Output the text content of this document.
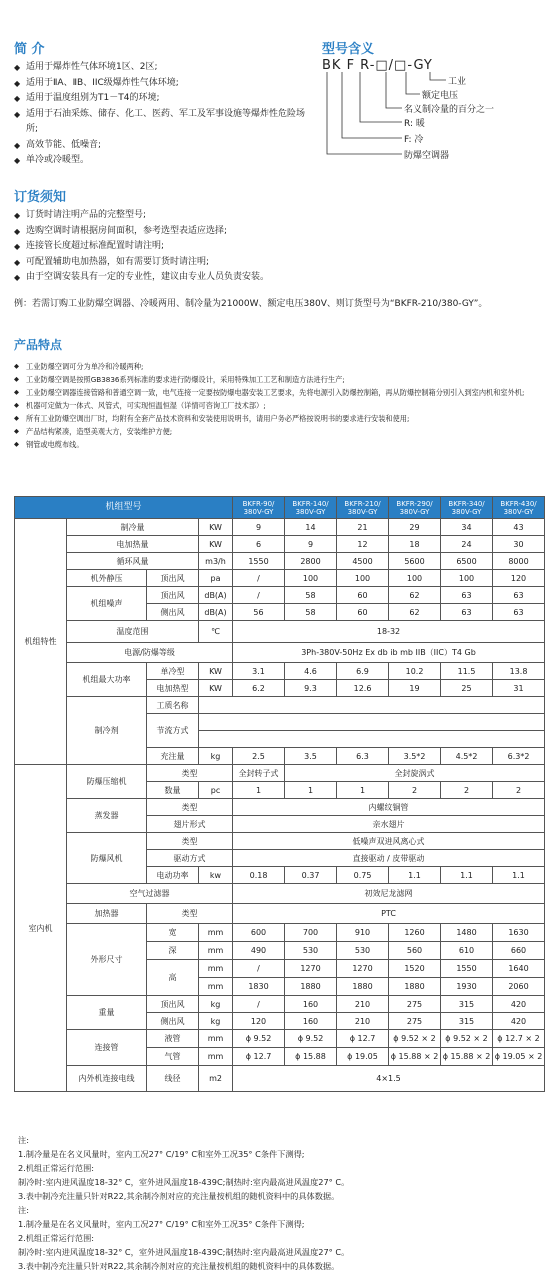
简 介
◆ 适用于爆炸性气体环境1区、2区;
◆ 适用于ⅡA、ⅡB、IIC级爆炸性气体环境;
◆ 适用于温度组别为T1－T4的环境;
◆ 适用于石油采炼、储存、化工、医药、军工及军事设施等爆炸性危险场所;
◆ 高效节能、低噪音;
◆ 单冷或冷暖型。
型号含义
BK F R-□/□-GY
工业
额定电压
名义制冷量的百分之一
R: 暖
F: 冷
防爆空调器
订货须知
◆ 订货时请注明产品的完整型号;
◆ 选购空调时请根据房间面积，参考选型表适应选择;
◆ 连接管长度超过标准配置时请注明;
◆ 可配置辅助电加热器，如有需要订货时请注明;
◆ 由于空调安装具有一定的专业性，建议由专业人员负责安装。
例：若需订购工业防爆空调器、冷暖两用、制冷量为21000W、额定电压380V、则订货型号为“BKFR-210/380-GY”。
产品特点
◆ 工业防爆空调可分为单冷和冷暖两种;
◆ 工业防爆空调是按照GB3836系列标准的要求进行防爆设计，采用特殊加工工艺和制造方法进行生产;
◆ 工业防爆空调器连接管路和普通空调一致，电气连接一定要按防爆电器安装工艺要求，先将电源引入防爆控制箱，再从防爆控制箱分别引入到室内机和室外机;
◆ 机器可定做为一体式、风管式，可实现恒温恒湿（详情可咨询工厂技术部）;
◆ 所有工业防爆空调出厂时，均附有全套产品技术资料和安装使用说明书，请用户务必严格按说明书的要求进行安装和使用;
◆ 产品结构紧凑，造型美观大方，安装维护方便;
◆ 钢管或电缆布线。
机组型号				BKFR-90/ 380V-GY	BKFR-140/ 380V-GY	BKFR-210/ 380V-GY	BKFR-290/ 380V-GY	BKFR-340/ 380V-GY	BKFR-430/ 380V-GY
机组特性	制冷量		KW	9	14	21	29	34	43
	电加热量		KW	6	9	12	18	24	30
	循环风量		m3/h	1550	2800	4500	5600	6500	8000
	机外静压	顶出风	pa	/	100	100	100	100	120
	机组噪声	顶出风	dB(A)	/	58	60	62	63	63
		侧出风	dB(A)	56	58	60	62	63	63
	温度范围		℃	18-32					
	电源/防爆等级			3Ph-380V-50Hz Ex db ib mb IIB（IIC）T4 Gb					
	机组最大功率	单冷型	KW	3.1	4.6	6.9	10.2	11.5	13.8
		电加热型	KW	6.2	9.3	12.6	19	25	31
	制冷剂	工质名称							
		节流方式							

		充注量	kg	2.5	3.5	6.3	3.5*2	4.5*2	6.3*2
室内机	防爆压缩机	类型		全封转子式	全封旋涡式				
		数量	pc	1	1	1	2	2	2
	蒸发器	类型		内螺纹铜管					
		翅片形式		亲水翅片					
	防爆风机	类型		低噪声双进风离心式					
		驱动方式		直接驱动 / 皮带驱动					
		电动功率	kw	0.18	0.37	0.75	1.1	1.1	1.1
	空气过滤器			初效尼龙滤网					
	加热器	类型		PTC					
	外形尺寸	宽	mm	600	700	910	1260	1480	1630
		深	mm	490	530	530	560	610	660
		高	mm	/	1270	1270	1520	1550	1640
			mm	1830	1880	1880	1880	1930	2060
	重量	顶出风	kg	/	160	210	275	315	420
		侧出风	kg	120	160	210	275	315	420
	连接管	液管	mm	ϕ 9.52	ϕ 9.52	ϕ 12.7	ϕ 9.52 × 2	ϕ 9.52 × 2	ϕ 12.7 × 2
		气管	mm	ϕ 12.7	ϕ 15.88	ϕ 19.05	ϕ 15.88 × 2	ϕ 15.88 × 2	ϕ 19.05 × 2
	内外机连接电线	线径	m2	4×1.5					
注:
1.制冷量是在名义风量时，室内工况27° C/19° C和室外工况35° C条件下测得;
2.机组正常运行范围:
制冷时:室内进风温度18-32° C，室外进风温度18-439C;制热时:室内最高进风温度27° C。
3.表中制冷充注量只针对R22,其余制冷剂对应的充注量按机组的随机资料中的具体数据。
注:
1.制冷量是在名义风量时，室内工况27° C/19° C和室外工况35° C条件下测得;
2.机组正常运行范围:
制冷时:室内进风温度18-32° C，室外进风温度18-439C;制热时:室内最高进风温度27° C。
3.表中制冷充注量只针对R22,其余制冷剂对应的充注量按机组的随机资料中的具体数据。
